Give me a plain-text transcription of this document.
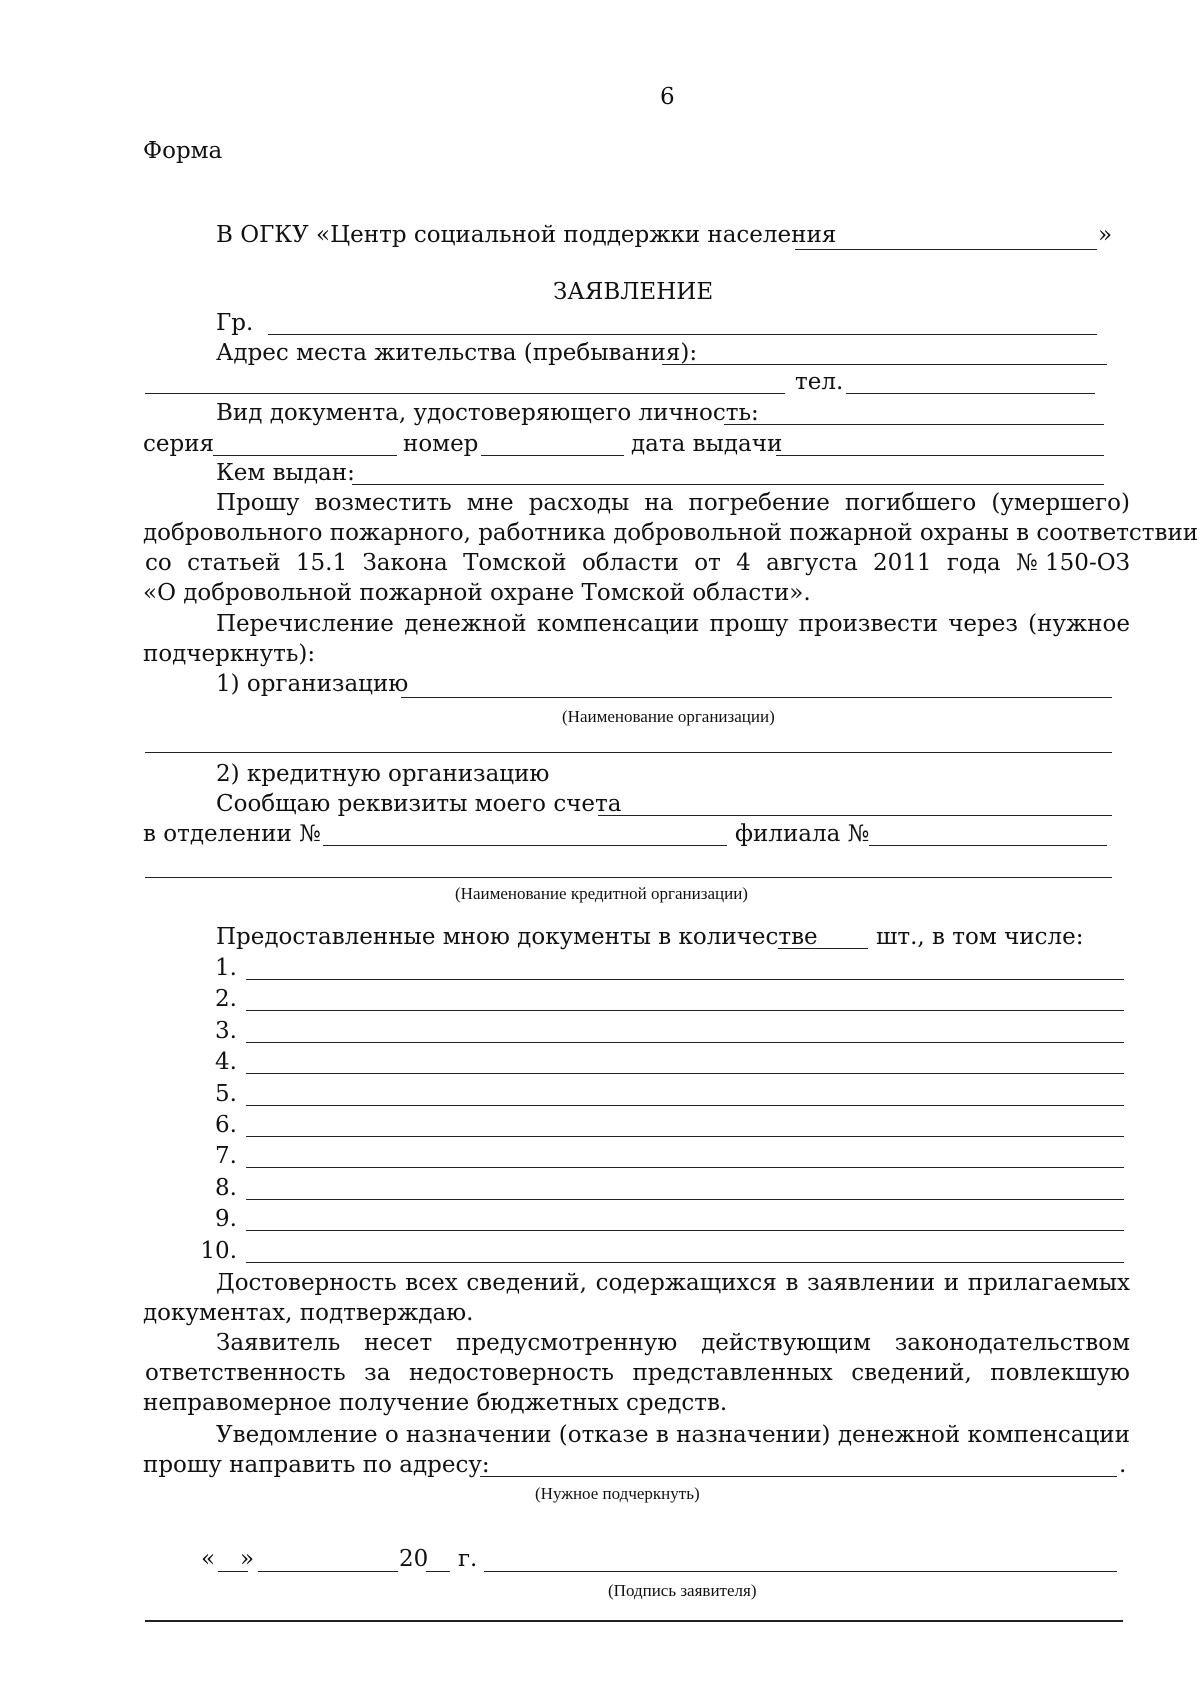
6
Форма
В ОГКУ «Центр социальной поддержки населения	»
ЗАЯВЛЕНИЕ
Гр.
Адрес места жительства (пребывания):
тел.
Вид документа, удостоверяющего личность:
серия	номер	дата выдачи
Кем выдан:
Прошу возместить мне расходы на погребение погибшего (умершего)
добровольного пожарного, работника добровольной пожарной охраны в соответствии
со статьей 15.1 Закона Томской области от 4 августа 2011 года № 150-ОЗ
«О добровольной пожарной охране Томской области».
Перечисление денежной компенсации прошу произвести через (нужное
подчеркнуть):
1) организацию
(Наименование организации)
2) кредитную организацию
Сообщаю реквизиты моего счета
в отделении №	филиала №
(Наименование кредитной организации)
Предоставленные мною документы в количестве	шт., в том числе:
1.
2.
3.
4.
5.
6.
7.
8.
9.
10.
Достоверность всех сведений, содержащихся в заявлении и прилагаемых
документах, подтверждаю.
Заявитель несет предусмотренную действующим законодательством
ответственность за недостоверность представленных сведений, повлекшую
неправомерное получение бюджетных средств.
Уведомление о назначении (отказе в назначении) денежной компенсации
прошу направить по адресу:	.
(Нужное подчеркнуть)
« »	20 г.
(Подпись заявителя)
